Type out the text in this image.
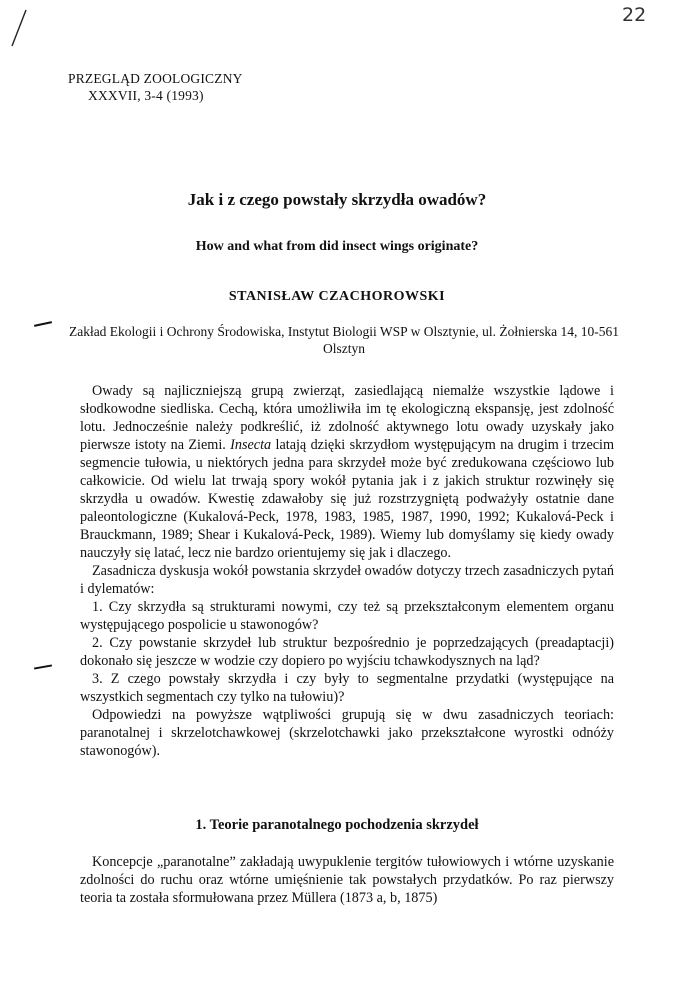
22
PRZEGLĄD ZOOLOGICZNY
XXXVII, 3-4 (1993)
Jak i z czego powstały skrzydła owadów?
How and what from did insect wings originate?
STANISŁAW CZACHOROWSKI
Zakład Ekologii i Ochrony Środowiska, Instytut Biologii WSP w Olsztynie, ul. Żołnierska 14, 10-561 Olsztyn

Owady są najliczniejszą grupą zwierząt, zasiedlającą niemalże wszystkie lądowe i słodkowodne siedliska. Cechą, która umożliwiła im tę ekologiczną ekspansję, jest zdolność lotu. Jednocześnie należy podkreślić, iż zdolność aktywnego lotu owady uzyskały jako pierwsze istoty na Ziemi. Insecta latają dzięki skrzydłom występującym na drugim i trzecim segmencie tułowia, u niektórych jedna para skrzydeł może być zredukowana częściowo lub całkowicie. Od wielu lat trwają spory wokół pytania jak i z jakich struktur rozwinęły się skrzydła u owadów. Kwestię zdawałoby się już rozstrzygniętą podważyły ostatnie dane paleontologiczne (Kukalová-Peck, 1978, 1983, 1985, 1987, 1990, 1992; Kukalová-Peck i Brauckmann, 1989; Shear i Kukalová-Peck, 1989). Wiemy lub domyślamy się kiedy owady nauczyły się latać, lecz nie bardzo orientujemy się jak i dlaczego.

Zasadnicza dyskusja wokół powstania skrzydeł owadów dotyczy trzech zasadniczych pytań i dylematów:

1. Czy skrzydła są strukturami nowymi, czy też są przekształconym elementem organu występującego pospolicie u stawonogów?

2. Czy powstanie skrzydeł lub struktur bezpośrednio je poprzedzających (preadaptacji) dokonało się jeszcze w wodzie czy dopiero po wyjściu tchawkodysznych na ląd?

3. Z czego powstały skrzydła i czy były to segmentalne przydatki (występujące na wszystkich segmentach czy tylko na tułowiu)?

Odpowiedzi na powyższe wątpliwości grupują się w dwu zasadniczych teoriach: paranotalnej i skrzelotchawkowej (skrzelotchawki jako przekształcone wyrostki odnóży stawonogów).

1. Teorie paranotalnego pochodzenia skrzydeł

Koncepcje „paranotalne” zakładają uwypuklenie tergitów tułowiowych i wtórne uzyskanie zdolności do ruchu oraz wtórne umięśnienie tak powstałych przydatków. Po raz pierwszy teoria ta została sformułowana przez Müllera (1873 a, b, 1875)
